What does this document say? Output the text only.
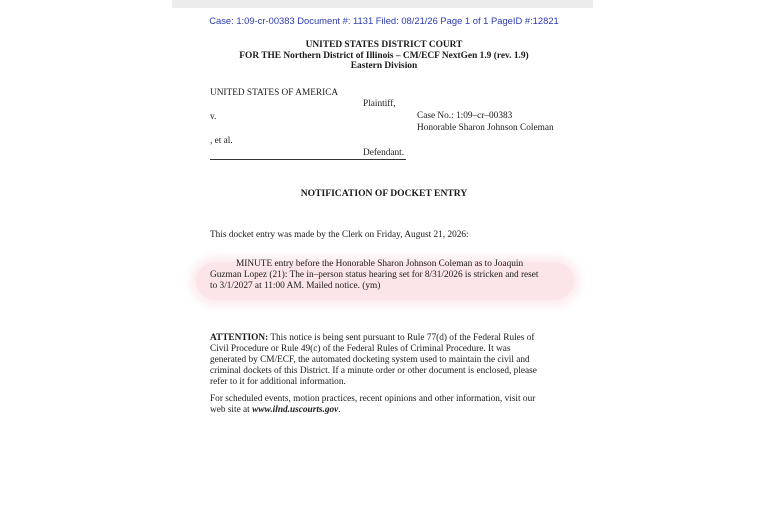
Case: 1:09-cr-00383 Document #: 1131 Filed: 08/21/26 Page 1 of 1 PageID #:12821
UNITED STATES DISTRICT COURT
FOR THE Northern District of Illinois – CM/ECF NextGen 1.9 (rev. 1.9)
Eastern Division
UNITED STATES OF AMERICA
Plaintiff,
v.	Case No.: 1:09–cr–00383
Honorable Sharon Johnson Coleman
, et al.
Defendant.
NOTIFICATION OF DOCKET ENTRY
This docket entry was made by the Clerk on Friday, August 21, 2026:
MINUTE entry before the Honorable Sharon Johnson Coleman as to Joaquin
Guzman Lopez (21): The in–person status hearing set for 8/31/2026 is stricken and reset
to 3/1/2027 at 11:00 AM. Mailed notice. (ym)
ATTENTION: This notice is being sent pursuant to Rule 77(d) of the Federal Rules of
Civil Procedure or Rule 49(c) of the Federal Rules of Criminal Procedure. It was
generated by CM/ECF, the automated docketing system used to maintain the civil and
criminal dockets of this District. If a minute order or other document is enclosed, please
refer to it for additional information.
For scheduled events, motion practices, recent opinions and other information, visit our
web site at www.ilnd.uscourts.gov.
